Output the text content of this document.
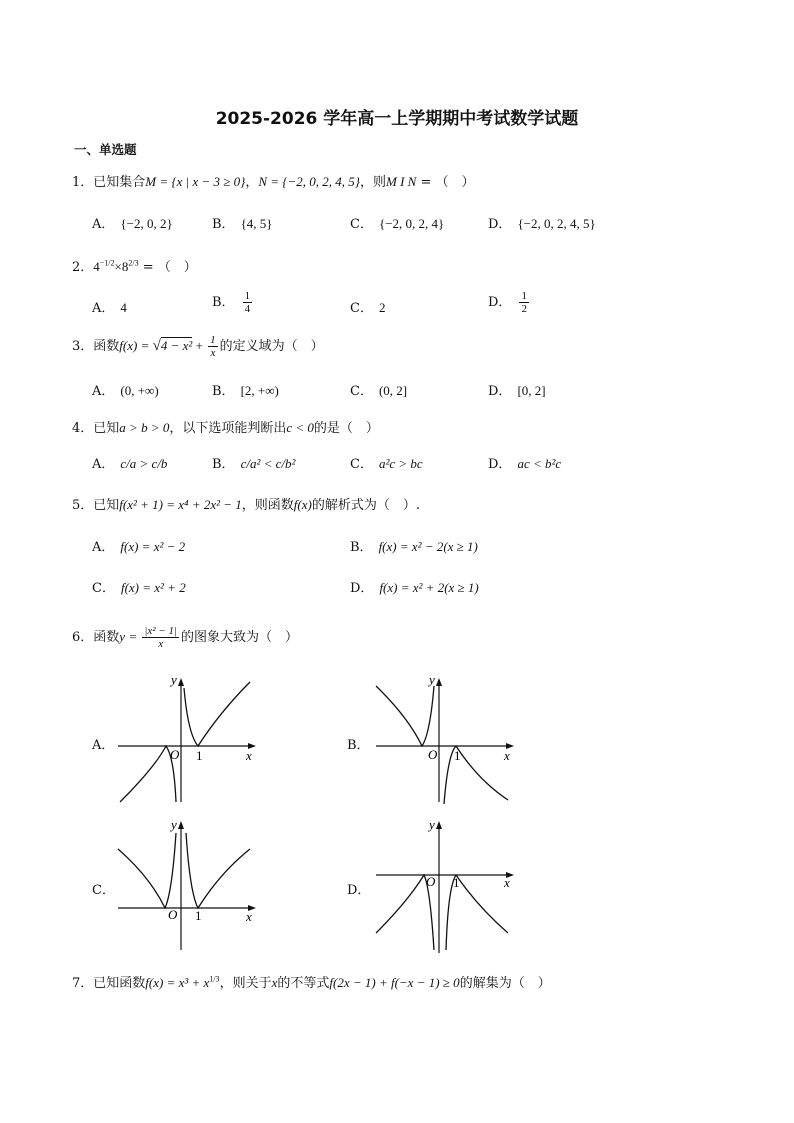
2025-2026 学年高一上学期期中考试数学试题
一、单选题
1．已知集合M = {x | x − 3 ≥ 0}，N = {−2, 0, 2, 4, 5}，则M I N = （　）
A． {−2, 0, 2}	B． {4, 5}	C． {−2, 0, 2, 4}	D． {−2, 0, 2, 4, 5}
2．$4^{-1/2}\times 8^{2/3}$ = （　）
A． 4	B． $\frac{1}{4}$	C． 2	D． $\frac{1}{2}$
3．函数$f(x) = √4 - x^2 + \frac{1}{x}$ 的定义域为（　）
A． (0, +∞)	B． [2, +∞)	C． (0, 2]	D． [0, 2]
4．已知a > b > 0，以下选项能判断出c < 0的是（　）
A． c/a > c/b	B． c/a² < c/b²	C． a²c > bc	D． ac < b²c
5．已知f(x² + 1) = x⁴ + 2x² − 1，则函数f(x)的解析式为（　）.
A． f(x) = x² − 2	B． f(x) = x² − 2(x ≥ 1)
C． f(x) = x² + 2	D． f(x) = x² + 2(x ≥ 1)
6．函数$y = \frac{\text{|x² − 1|}}{x}$ 的图象大致为（　）
A．
O 1	x
y
B．
O 1	x
y
C．
O 1	x
y
D．
O 1	x
y
7．已知函数$f(x) = x^3 + x^{1/3}$，则关于x的不等式f(2x − 1) + f(−x − 1) ≥ 0的解集为（　）
